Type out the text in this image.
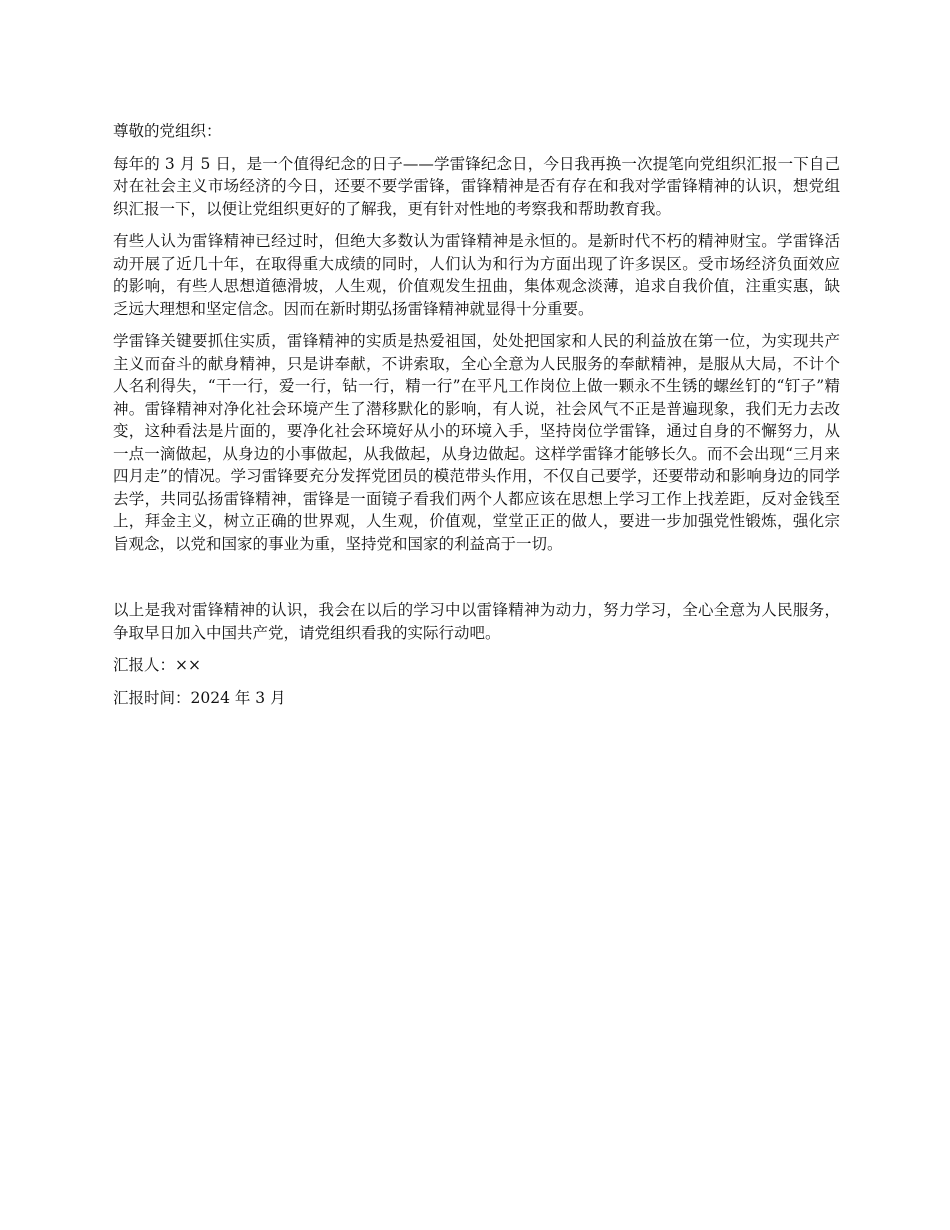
尊敬的党组织：

每年的 3 月 5 日，是一个值得纪念的日子——学雷锋纪念日，今日我再换一次提笔向党组织汇报一下自己对在社会主义市场经济的今日，还要不要学雷锋，雷锋精神是否有存在和我对学雷锋精神的认识，想党组织汇报一下，以便让党组织更好的了解我，更有针对性地的考察我和帮助教育我。

有些人认为雷锋精神已经过时，但绝大多数认为雷锋精神是永恒的。是新时代不朽的精神财宝。学雷锋活动开展了近几十年，在取得重大成绩的同时，人们认为和行为方面出现了许多误区。受市场经济负面效应的影响，有些人思想道德滑坡，人生观，价值观发生扭曲，集体观念淡薄，追求自我价值，注重实惠，缺乏远大理想和坚定信念。因而在新时期弘扬雷锋精神就显得十分重要。

学雷锋关键要抓住实质，雷锋精神的实质是热爱祖国，处处把国家和人民的利益放在第一位，为实现共产主义而奋斗的献身精神，只是讲奉献，不讲索取，全心全意为人民服务的奉献精神，是服从大局，不计个人名利得失，“干一行，爱一行，钻一行，精一行”在平凡工作岗位上做一颗永不生锈的螺丝钉的“钉子”精神。雷锋精神对净化社会环境产生了潜移默化的影响，有人说，社会风气不正是普遍现象，我们无力去改变，这种看法是片面的，要净化社会环境好从小的环境入手，坚持岗位学雷锋，通过自身的不懈努力，从一点一滴做起，从身边的小事做起，从我做起，从身边做起。这样学雷锋才能够长久。而不会出现“三月来四月走”的情况。学习雷锋要充分发挥党团员的模范带头作用，不仅自己要学，还要带动和影响身边的同学去学，共同弘扬雷锋精神，雷锋是一面镜子看我们两个人都应该在思想上学习工作上找差距，反对金钱至上，拜金主义，树立正确的世界观，人生观，价值观，堂堂正正的做人，要进一步加强党性锻炼，强化宗旨观念，以党和国家的事业为重，坚持党和国家的利益高于一切。

以上是我对雷锋精神的认识，我会在以后的学习中以雷锋精神为动力，努力学习，全心全意为人民服务，争取早日加入中国共产党，请党组织看我的实际行动吧。

汇报人：××

汇报时间：2024 年 3 月
